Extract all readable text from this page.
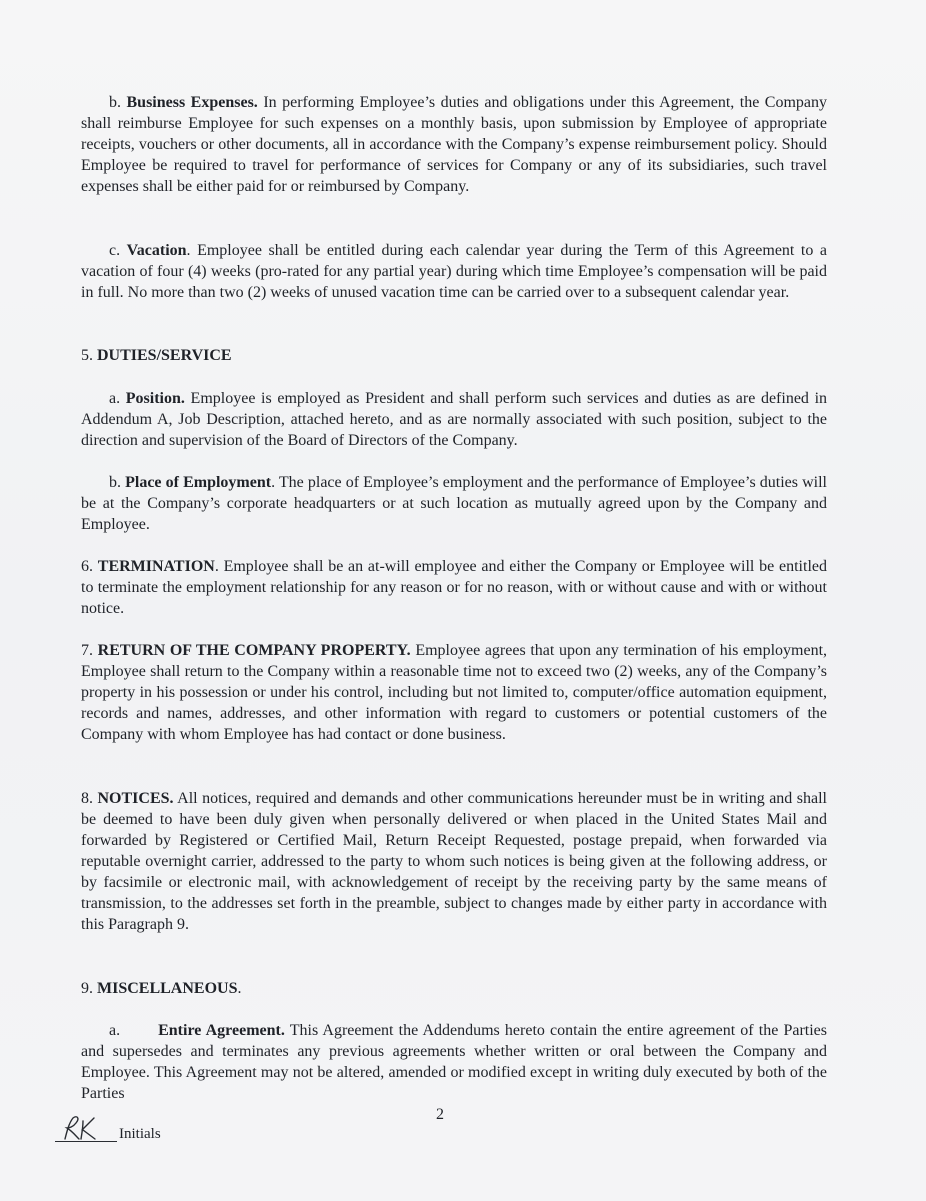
b. Business Expenses. In performing Employee’s duties and obligations under this Agreement, the Company shall reimburse Employee for such expenses on a monthly basis, upon submission by Employee of appropriate receipts, vouchers or other documents, all in accordance with the Company’s expense reimbursement policy. Should Employee be required to travel for performance of services for Company or any of its subsidiaries, such travel expenses shall be either paid for or reimbursed by Company.

c. Vacation. Employee shall be entitled during each calendar year during the Term of this Agreement to a vacation of four (4) weeks (pro-rated for any partial year) during which time Employee’s compensation will be paid in full. No more than two (2) weeks of unused vacation time can be carried over to a subsequent calendar year.

5. DUTIES/SERVICE

a. Position. Employee is employed as President and shall perform such services and duties as are defined in Addendum A, Job Description, attached hereto, and as are normally associated with such position, subject to the direction and supervision of the Board of Directors of the Company.

b. Place of Employment. The place of Employee’s employment and the performance of Employee’s duties will be at the Company’s corporate headquarters or at such location as mutually agreed upon by the Company and Employee.

6. TERMINATION. Employee shall be an at-will employee and either the Company or Employee will be entitled to terminate the employment relationship for any reason or for no reason, with or without cause and with or without notice.

7. RETURN OF THE COMPANY PROPERTY. Employee agrees that upon any termination of his employment, Employee shall return to the Company within a reasonable time not to exceed two (2) weeks, any of the Company’s property in his possession or under his control, including but not limited to, computer/office automation equipment, records and names, addresses, and other information with regard to customers or potential customers of the Company with whom Employee has had contact or done business.

8. NOTICES. All notices, required and demands and other communications hereunder must be in writing and shall be deemed to have been duly given when personally delivered or when placed in the United States Mail and forwarded by Registered or Certified Mail, Return Receipt Requested, postage prepaid, when forwarded via reputable overnight carrier, addressed to the party to whom such notices is being given at the following address, or by facsimile or electronic mail, with acknowledgement of receipt by the receiving party by the same means of transmission, to the addresses set forth in the preamble, subject to changes made by either party in accordance with this Paragraph 9.

9. MISCELLANEOUS.

a. Entire Agreement. This Agreement the Addendums hereto contain the entire agreement of the Parties and supersedes and terminates any previous agreements whether written or oral between the Company and Employee. This Agreement may not be altered, amended or modified except in writing duly executed by both of the Parties

2
Initials
